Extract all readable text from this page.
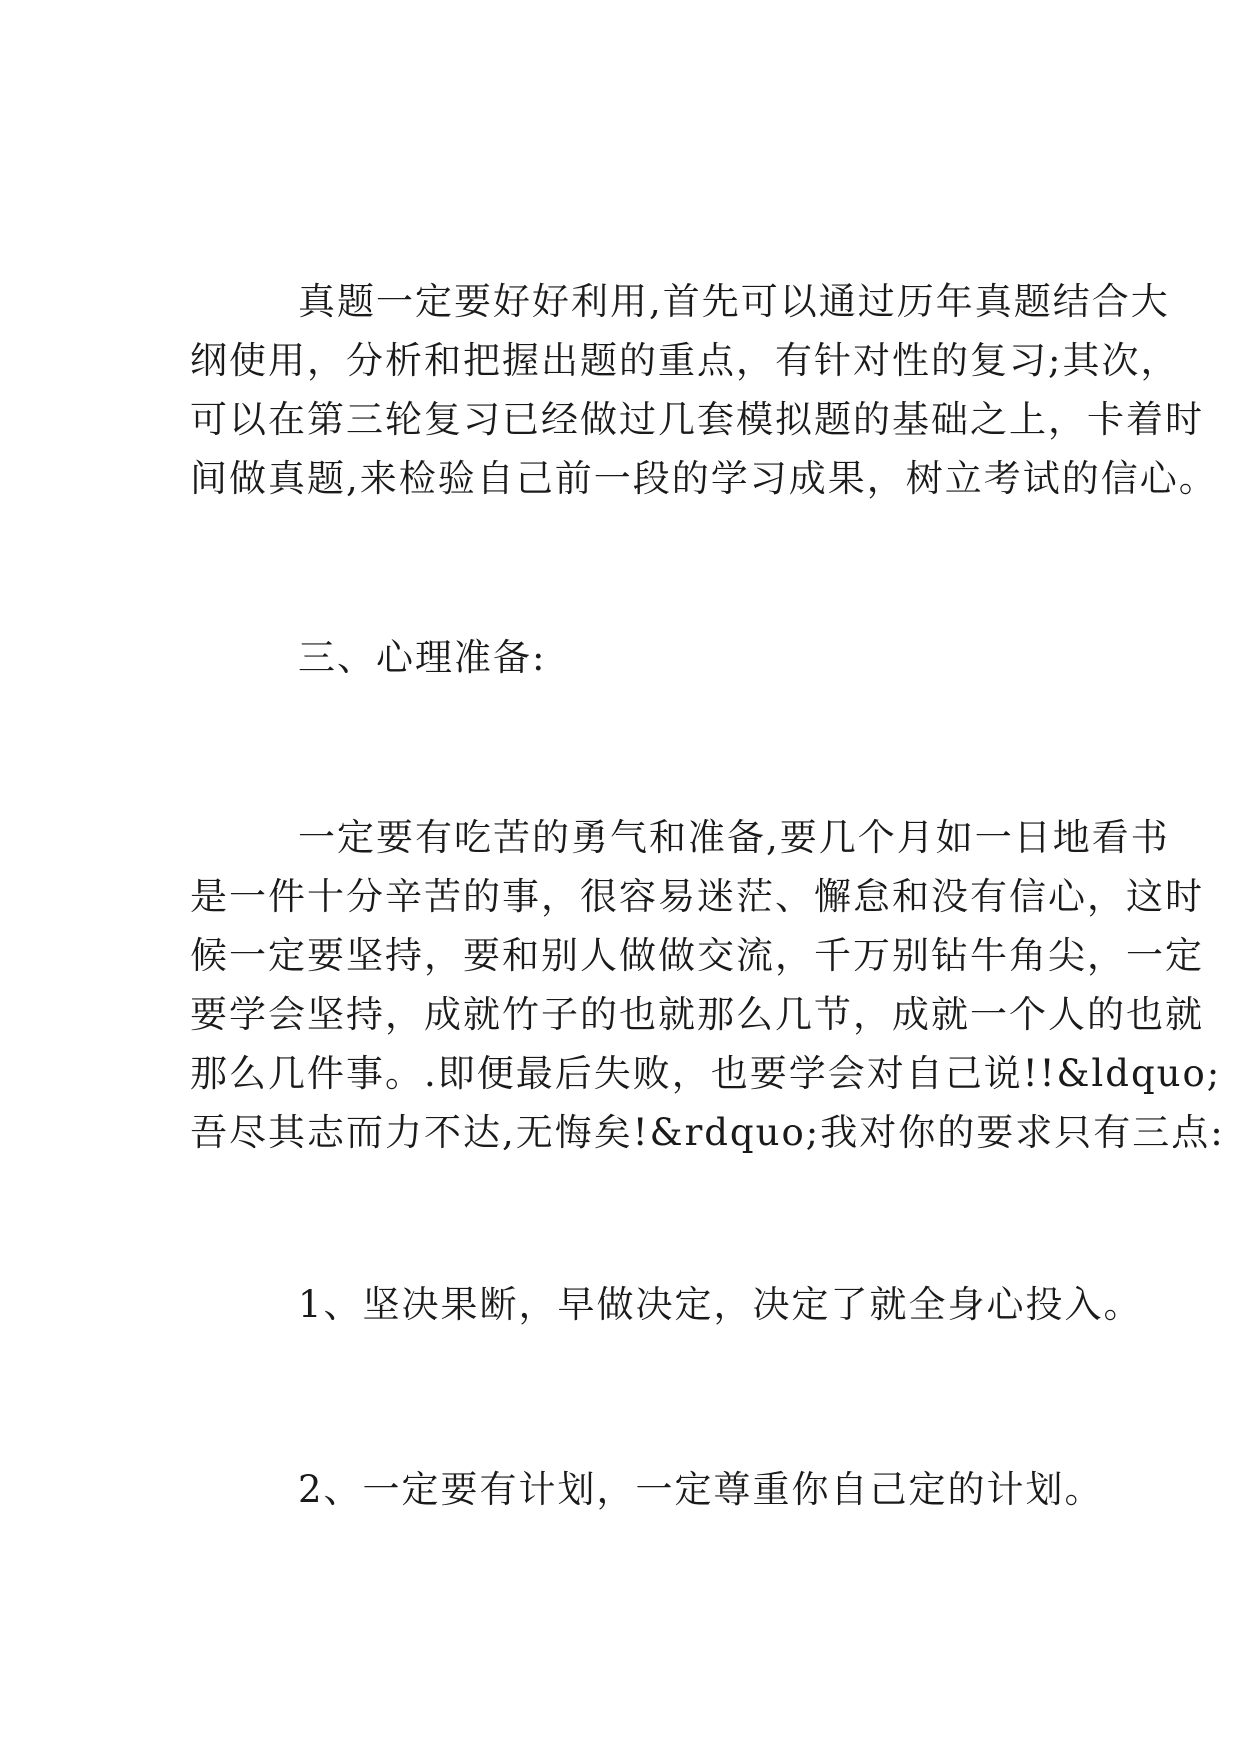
真题一定要好好利用,首先可以通过历年真题结合大
纲使用，分析和把握出题的重点，有针对性的复习;其次，
可以在第三轮复习已经做过几套模拟题的基础之上，卡着时
间做真题,来检验自己前一段的学习成果，树立考试的信心。

三、心理准备:

一定要有吃苦的勇气和准备,要几个月如一日地看书
是一件十分辛苦的事，很容易迷茫、懈怠和没有信心，这时
候一定要坚持，要和别人做做交流，千万别钻牛角尖，一定
要学会坚持，成就竹子的也就那么几节，成就一个人的也就
那么几件事。.即便最后失败，也要学会对自己说!!&ldquo;
吾尽其志而力不达,无悔矣!&rdquo;我对你的要求只有三点:

1、坚决果断，早做决定，决定了就全身心投入。

2、一定要有计划，一定尊重你自己定的计划。
